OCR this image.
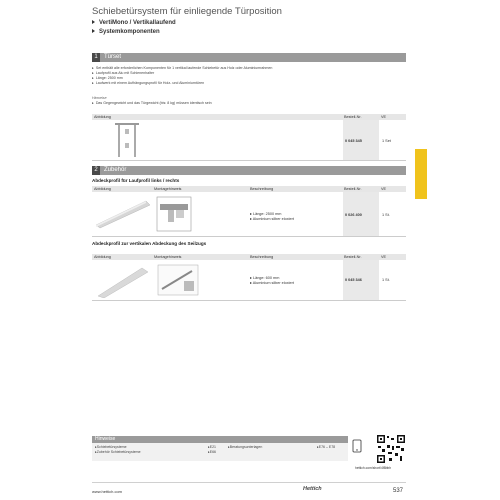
Schiebetürsystem für einliegende Türposition
VertiMono / Vertikallaufend
Systemkomponenten
1	Türset
▸ Set enthält alle erforderlichen Komponenten für 1 vertikal laufende Schiebetür aus Holz oder Aluminiumrahmen
▸ Laufprofil aus Alu mit Schienenhalter
▸ Länge: 2500 mm
▸ Laufwerk mit einem Aufhängungsprofil für Holz- und Aluminiumtüren
Hinweise
▸ Das Gegengewicht und das Türgewicht (bis: 8 kg) müssen identisch sein
Abbildung	Bestell-Nr.	VE
0 045 345	1 Set
2	Zubehör
Abdeckprofil für Laufprofil links / rechts
Abbildung	Montagehinweis	Beschreibung	Bestell-Nr.	VE
▸ Länge: 2500 mm
▸ Aluminium silber eloxiert
0 026 400	1 St.
Abdeckprofil zur vertikalen Abdeckung des Seilzugs
Abbildung	Montagehinweis	Beschreibung	Bestell-Nr.	VE
▸ Länge: 600 mm
▸ Aluminium silber eloxiert
0 045 346	1 St.
Hinweise
▸ Schiebetürsysteme	▸ E21
▸ Zubehör Schiebetürsysteme	▸ E66
▸ Beratungsunterlagen	▸ E76 – E78
hettich.com/short/4f8bbh
www.hettich.com	Hettich	537
